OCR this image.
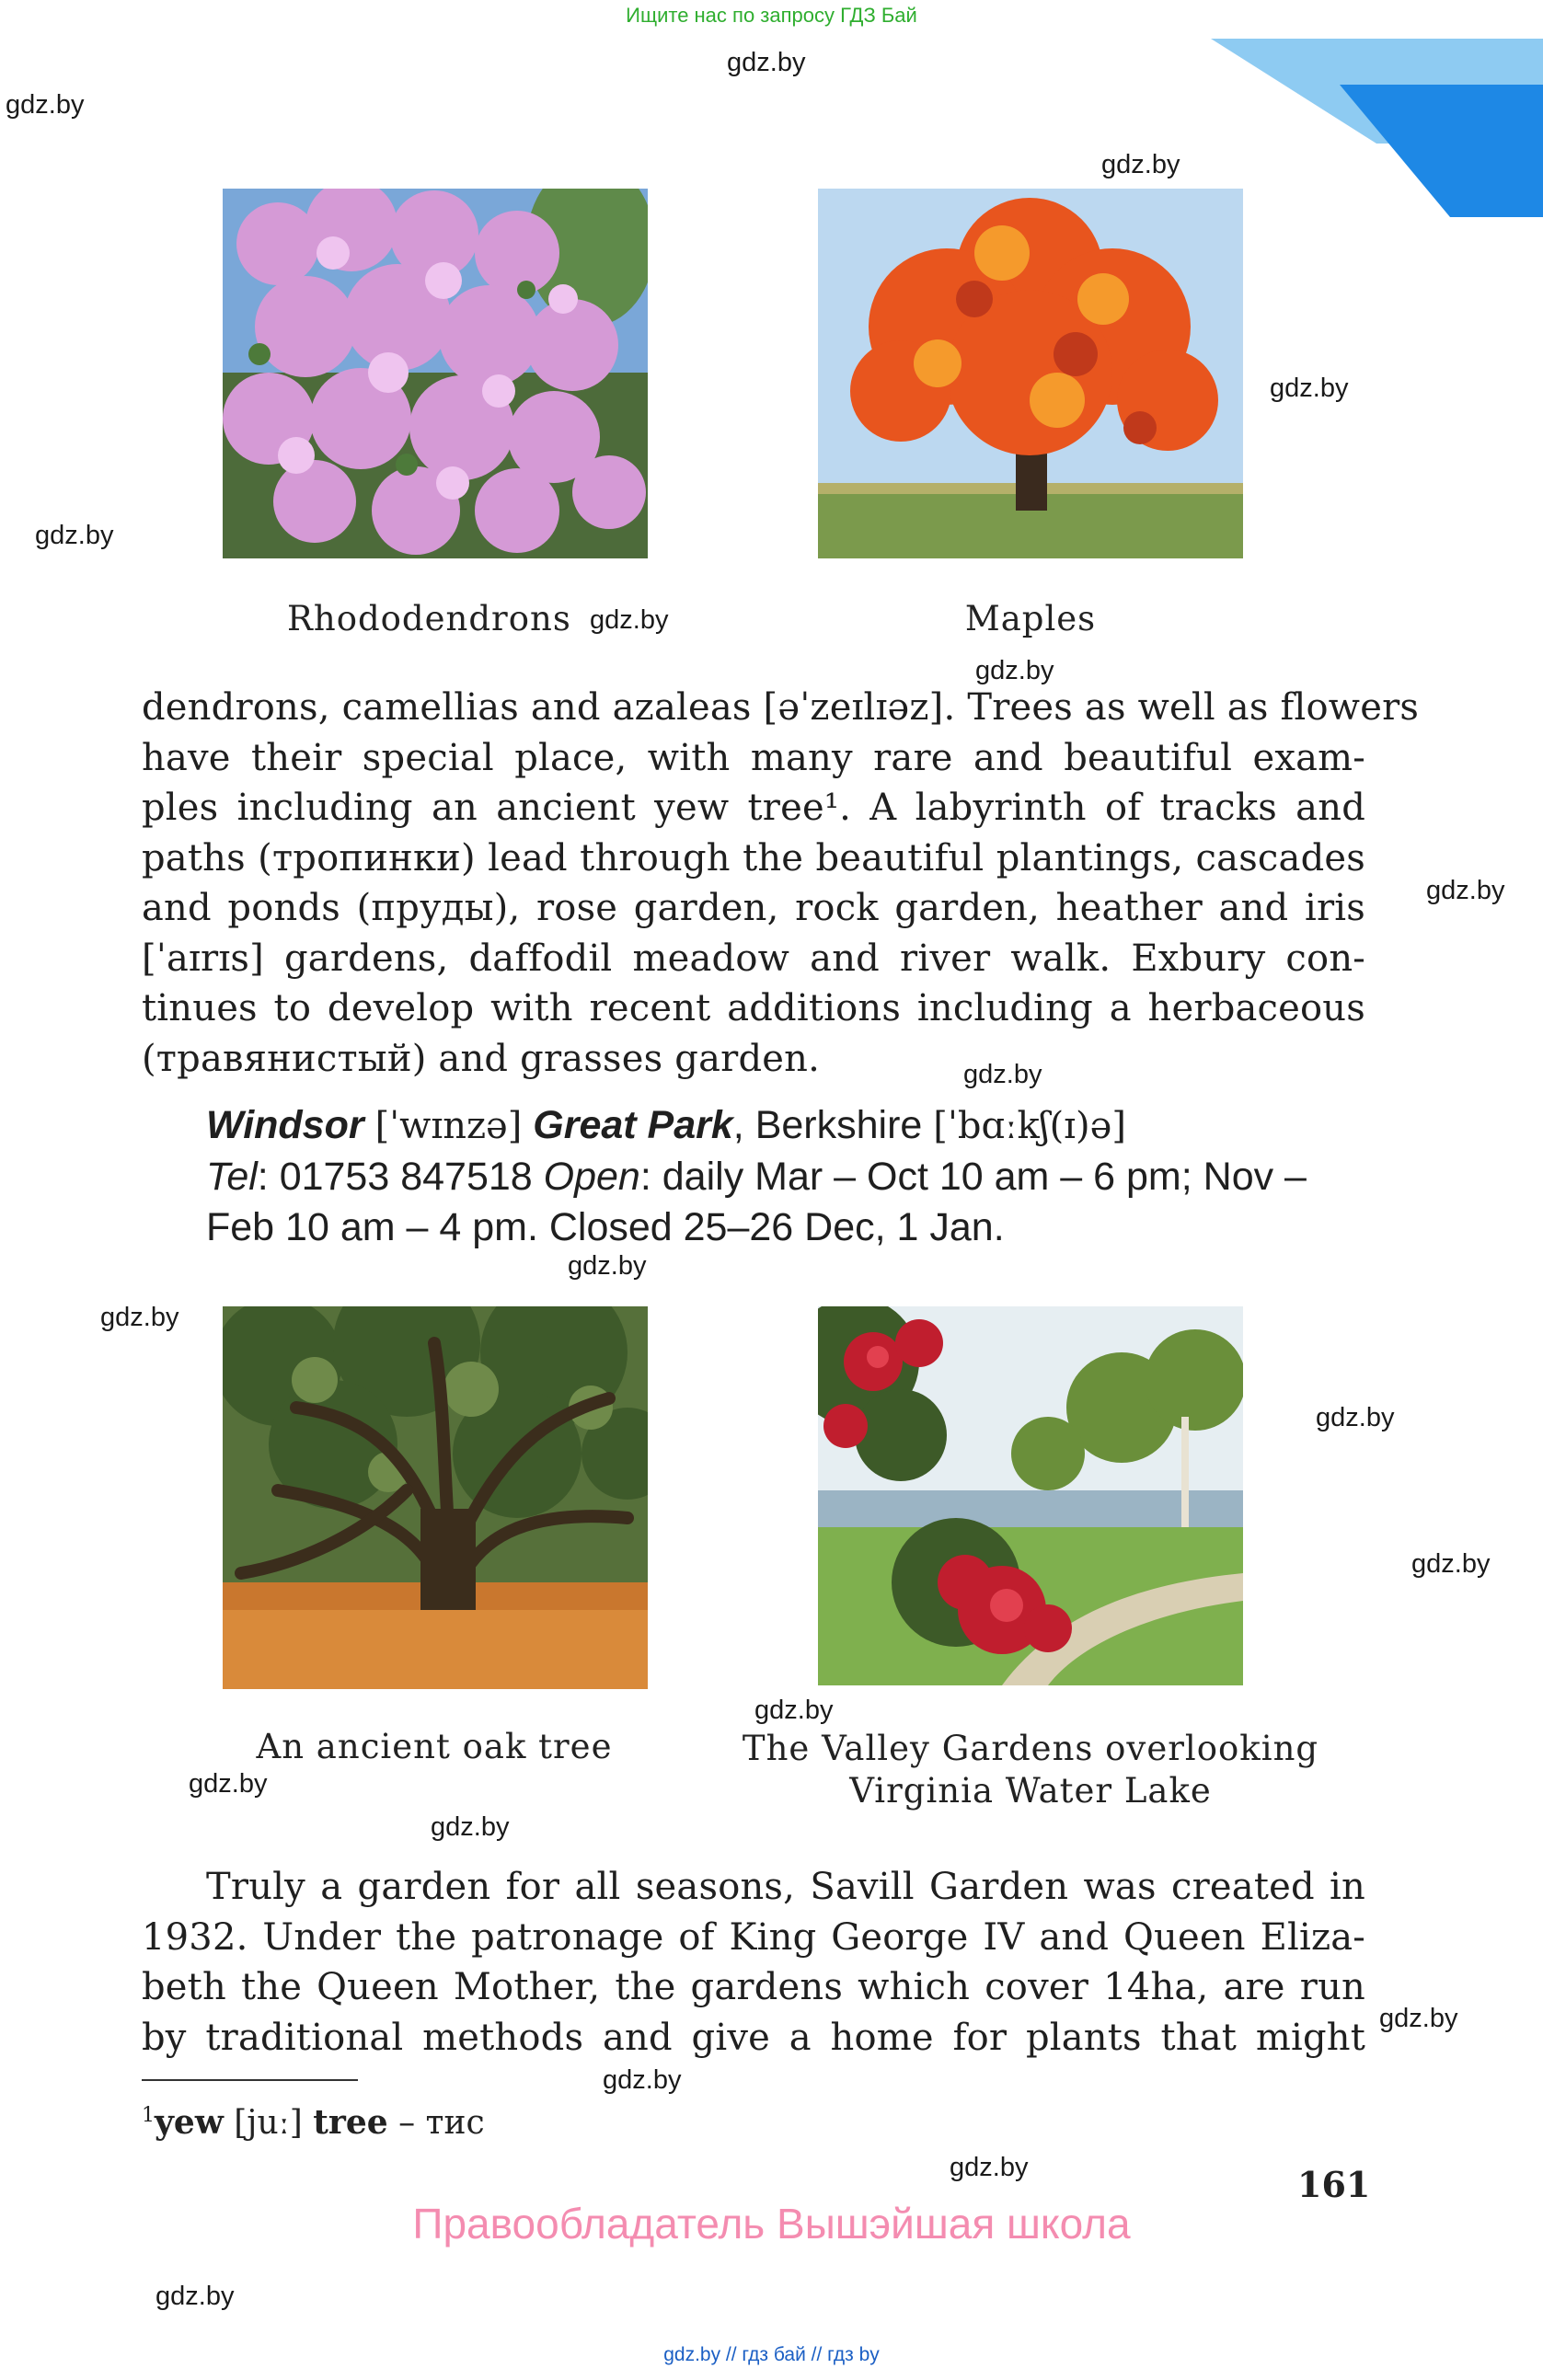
Ищите нас по запросу ГДЗ Бай
gdz.by
gdz.by
gdz.by
gdz.by
gdz.by
gdz.by
gdz.by
gdz.by
gdz.by
gdz.by
gdz.by
gdz.by
gdz.by
gdz.by
gdz.by
gdz.by
gdz.by
gdz.by
gdz.by
gdz.by
Rhododendrons	Maples
dendrons, camellias and azaleas [əˈzeɪlɪəz]. Trees as well as flowers
have their special place, with many rare and beautiful exam-
ples including an ancient yew tree¹. A labyrinth of tracks and
paths (тропинки) lead through the beautiful plantings, cascades
and ponds (пруды), rose garden, rock garden, heather and iris
[ˈaɪrɪs] gardens, daffodil meadow and river walk. Exbury con-
tinues to develop with recent additions including a herbaceous
(травянистый) and grasses garden.
Windsor [ˈwɪnzə] Great Park, Berkshire [ˈbɑːkʃ(ɪ)ə]
Tel: 01753 847518 Open: daily Mar – Oct 10 am – 6 pm; Nov –
Feb 10 am – 4 pm. Closed 25–26 Dec, 1 Jan.
An ancient oak tree	The Valley Gardens overlooking
Virginia Water Lake
Truly a garden for all seasons, Savill Garden was created in
1932. Under the patronage of King George IV and Queen Eliza-
beth the Queen Mother, the gardens which cover 14ha, are run
by traditional methods and give a home for plants that might
$^1$yew [juː] tree – тис
161
Правообладатель Вышэйшая школа
gdz.by // гдз бай // гдз by
